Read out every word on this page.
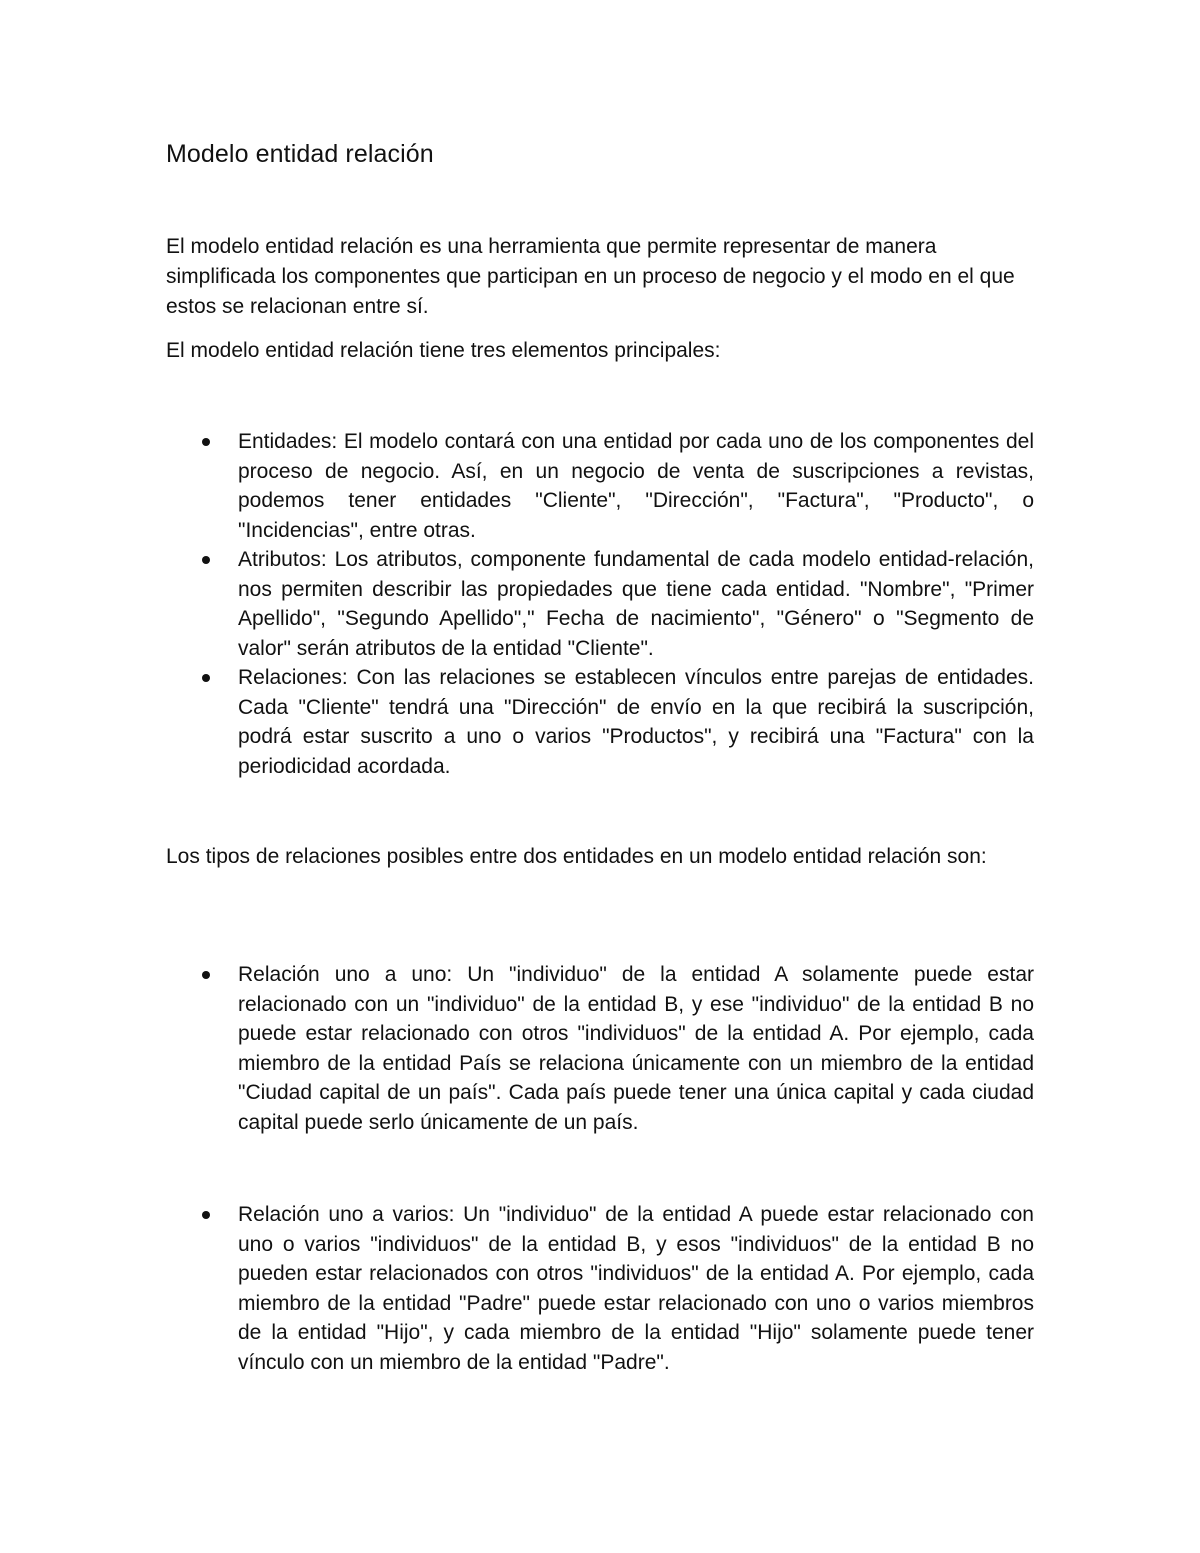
Modelo entidad relación

El modelo entidad relación es una herramienta que permite representar de manera simplificada los componentes que participan en un proceso de negocio y el modo en el que estos se relacionan entre sí.

El modelo entidad relación tiene tres elementos principales:

Entidades: El modelo contará con una entidad por cada uno de los componentes del proceso de negocio. Así, en un negocio de venta de suscripciones a revistas, podemos tener entidades "Cliente", "Dirección", "Factura", "Producto", o "Incidencias", entre otras.
Atributos: Los atributos, componente fundamental de cada modelo entidad-relación, nos permiten describir las propiedades que tiene cada entidad. "Nombre", "Primer Apellido", "Segundo Apellido"," Fecha de nacimiento", "Género" o "Segmento de valor" serán atributos de la entidad "Cliente".
Relaciones: Con las relaciones se establecen vínculos entre parejas de entidades. Cada "Cliente" tendrá una "Dirección" de envío en la que recibirá la suscripción, podrá estar suscrito a uno o varios "Productos", y recibirá una "Factura" con la periodicidad acordada.

Los tipos de relaciones posibles entre dos entidades en un modelo entidad relación son:

Relación uno a uno: Un "individuo" de la entidad A solamente puede estar relacionado con un "individuo" de la entidad B, y ese "individuo" de la entidad B no puede estar relacionado con otros "individuos" de la entidad A. Por ejemplo, cada miembro de la entidad País se relaciona únicamente con un miembro de la entidad "Ciudad capital de un país". Cada país puede tener una única capital y cada ciudad capital puede serlo únicamente de un país.
Relación uno a varios: Un "individuo" de la entidad A puede estar relacionado con uno o varios "individuos" de la entidad B, y esos "individuos" de la entidad B no pueden estar relacionados con otros "individuos" de la entidad A. Por ejemplo, cada miembro de la entidad "Padre" puede estar relacionado con uno o varios miembros de la entidad "Hijo", y cada miembro de la entidad "Hijo" solamente puede tener vínculo con un miembro de la entidad "Padre".
